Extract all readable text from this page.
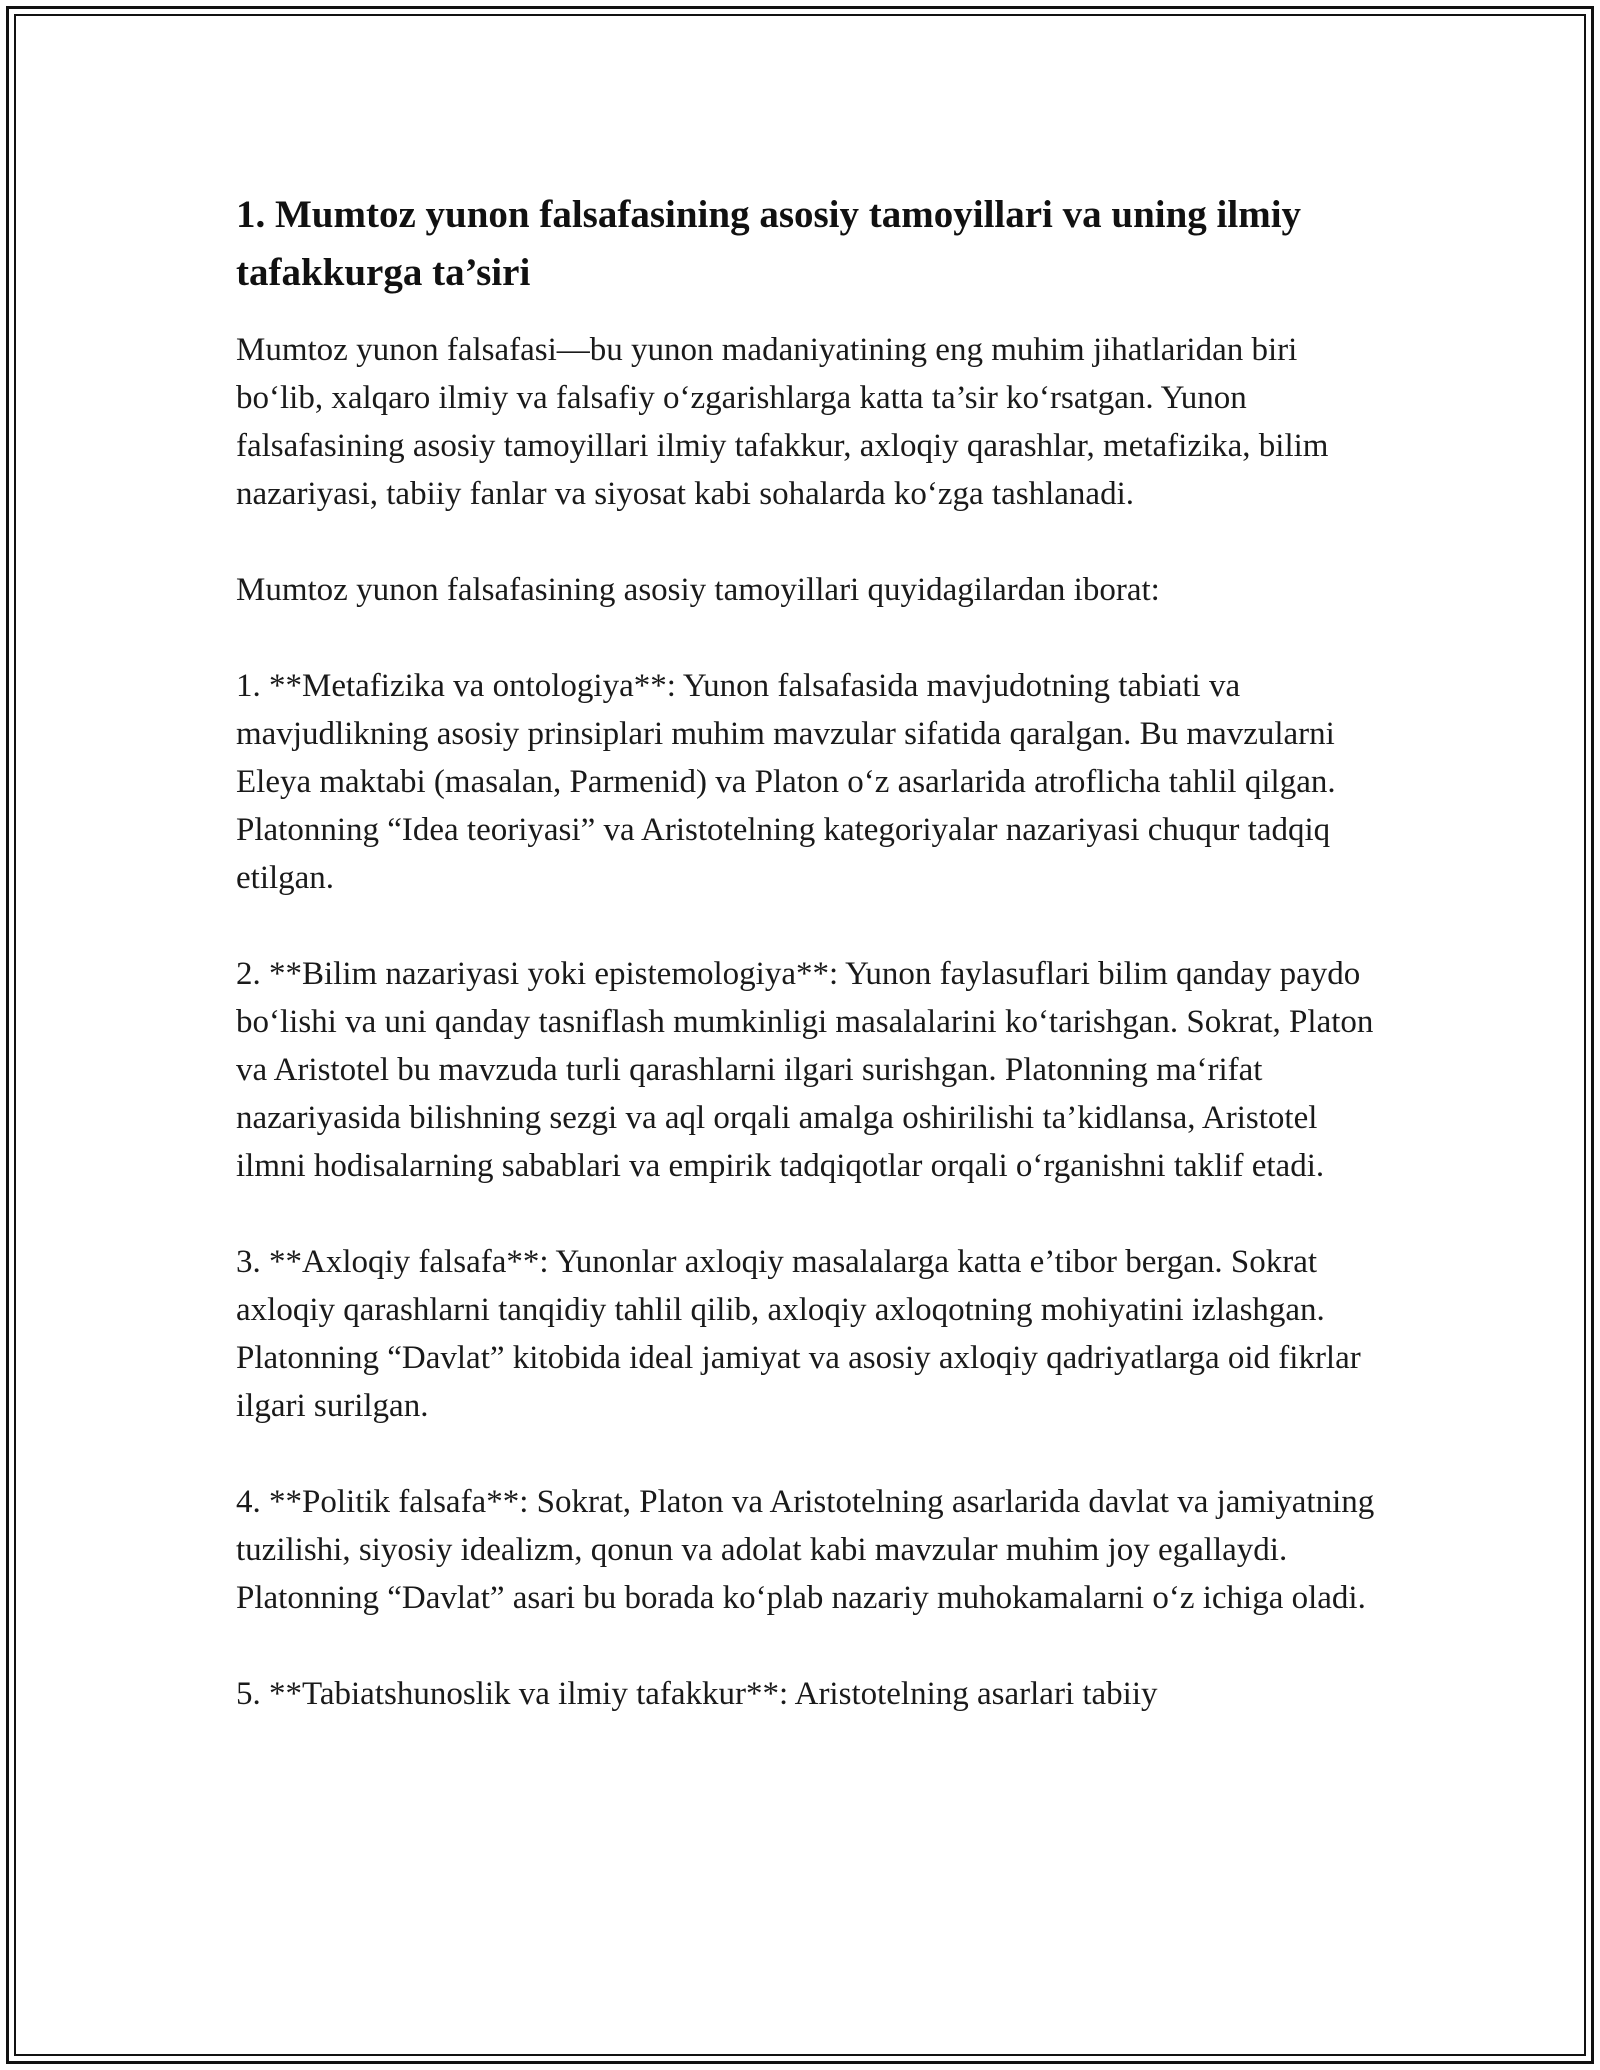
1. Mumtoz yunon falsafasining asosiy tamoyillari va uning ilmiy tafakkurga ta’siri

Mumtoz yunon falsafasi—bu yunon madaniyatining eng muhim jihatlaridan biri bo‘lib, xalqaro ilmiy va falsafiy o‘zgarishlarga katta ta’sir ko‘rsatgan. Yunon falsafasining asosiy tamoyillari ilmiy tafakkur, axloqiy qarashlar, metafizika, bilim nazariyasi, tabiiy fanlar va siyosat kabi sohalarda ko‘zga tashlanadi.

Mumtoz yunon falsafasining asosiy tamoyillari quyidagilardan iborat:

1. **Metafizika va ontologiya**: Yunon falsafasida mavjudotning tabiati va mavjudlikning asosiy prinsiplari muhim mavzular sifatida qaralgan. Bu mavzularni Eleya maktabi (masalan, Parmenid) va Platon o‘z asarlarida atroflicha tahlil qilgan. Platonning “Idea teoriyasi” va Aristotelning kategoriyalar nazariyasi chuqur tadqiq etilgan.

2. **Bilim nazariyasi yoki epistemologiya**: Yunon faylasuflari bilim qanday paydo bo‘lishi va uni qanday tasniflash mumkinligi masalalarini ko‘tarishgan. Sokrat, Platon va Aristotel bu mavzuda turli qarashlarni ilgari surishgan. Platonning ma‘rifat nazariyasida bilishning sezgi va aql orqali amalga oshirilishi ta’kidlansa, Aristotel ilmni hodisalarning sabablari va empirik tadqiqotlar orqali o‘rganishni taklif etadi.

3. **Axloqiy falsafa**: Yunonlar axloqiy masalalarga katta e’tibor bergan. Sokrat axloqiy qarashlarni tanqidiy tahlil qilib, axloqiy axloqotning mohiyatini izlashgan. Platonning “Davlat” kitobida ideal jamiyat va asosiy axloqiy qadriyatlarga oid fikrlar ilgari surilgan.

4. **Politik falsafa**: Sokrat, Platon va Aristotelning asarlarida davlat va jamiyatning tuzilishi, siyosiy idealizm, qonun va adolat kabi mavzular muhim joy egallaydi. Platonning “Davlat” asari bu borada ko‘plab nazariy muhokamalarni o‘z ichiga oladi.

5. **Tabiatshunoslik va ilmiy tafakkur**: Aristotelning asarlari tabiiy
